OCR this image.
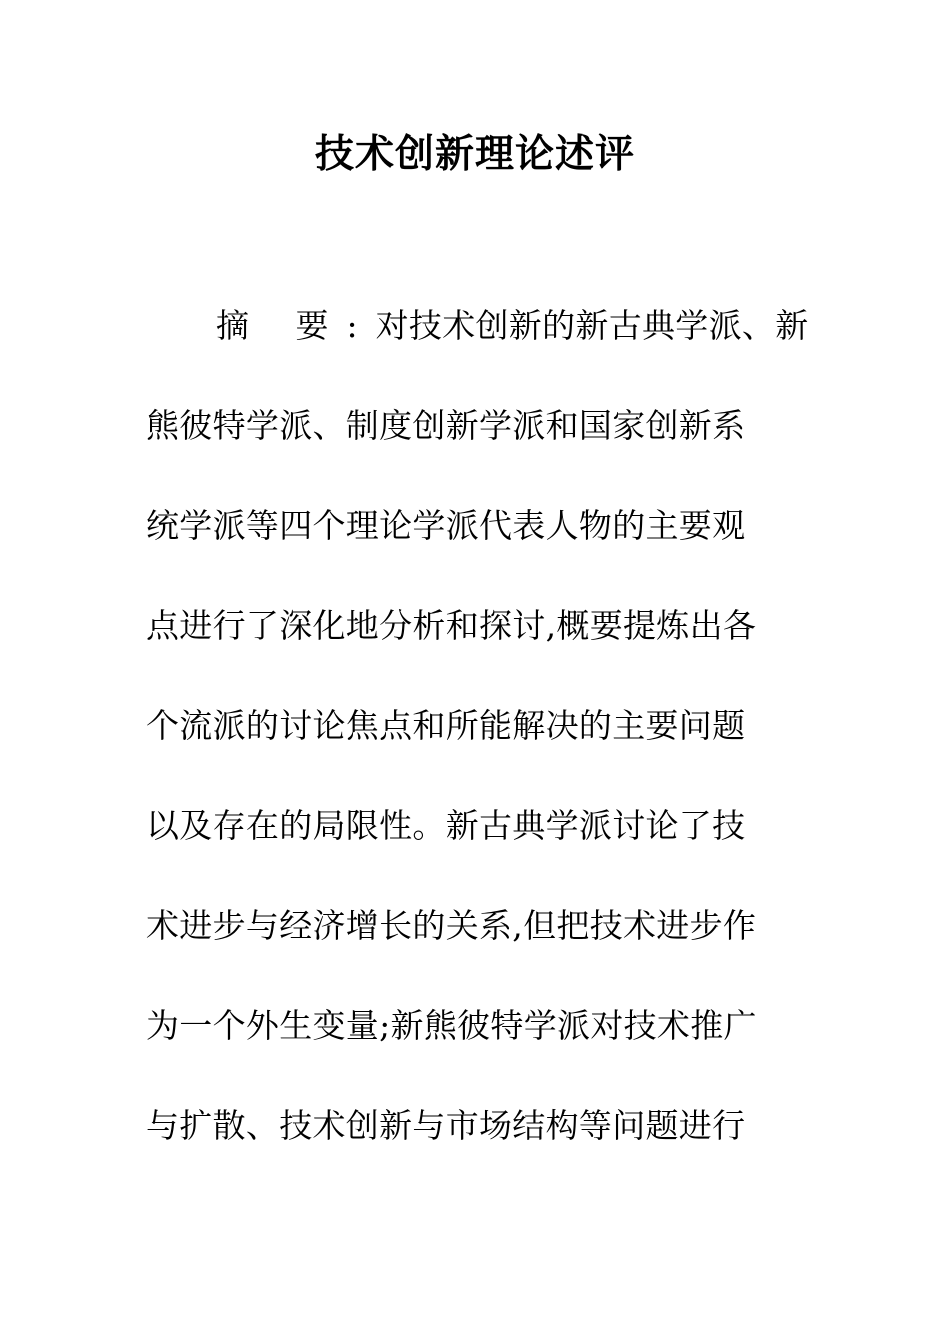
技术创新理论述评
摘 要:对技术创新的新古典学派、新
熊彼特学派、制度创新学派和国家创新系
统学派等四个理论学派代表人物的主要观
点进行了深化地分析和探讨,概要提炼出各
个流派的讨论焦点和所能解决的主要问题
以及存在的局限性。新古典学派讨论了技
术进步与经济增长的关系,但把技术进步作
为一个外生变量;新熊彼特学派对技术推广
与扩散、技术创新与市场结构等问题进行
